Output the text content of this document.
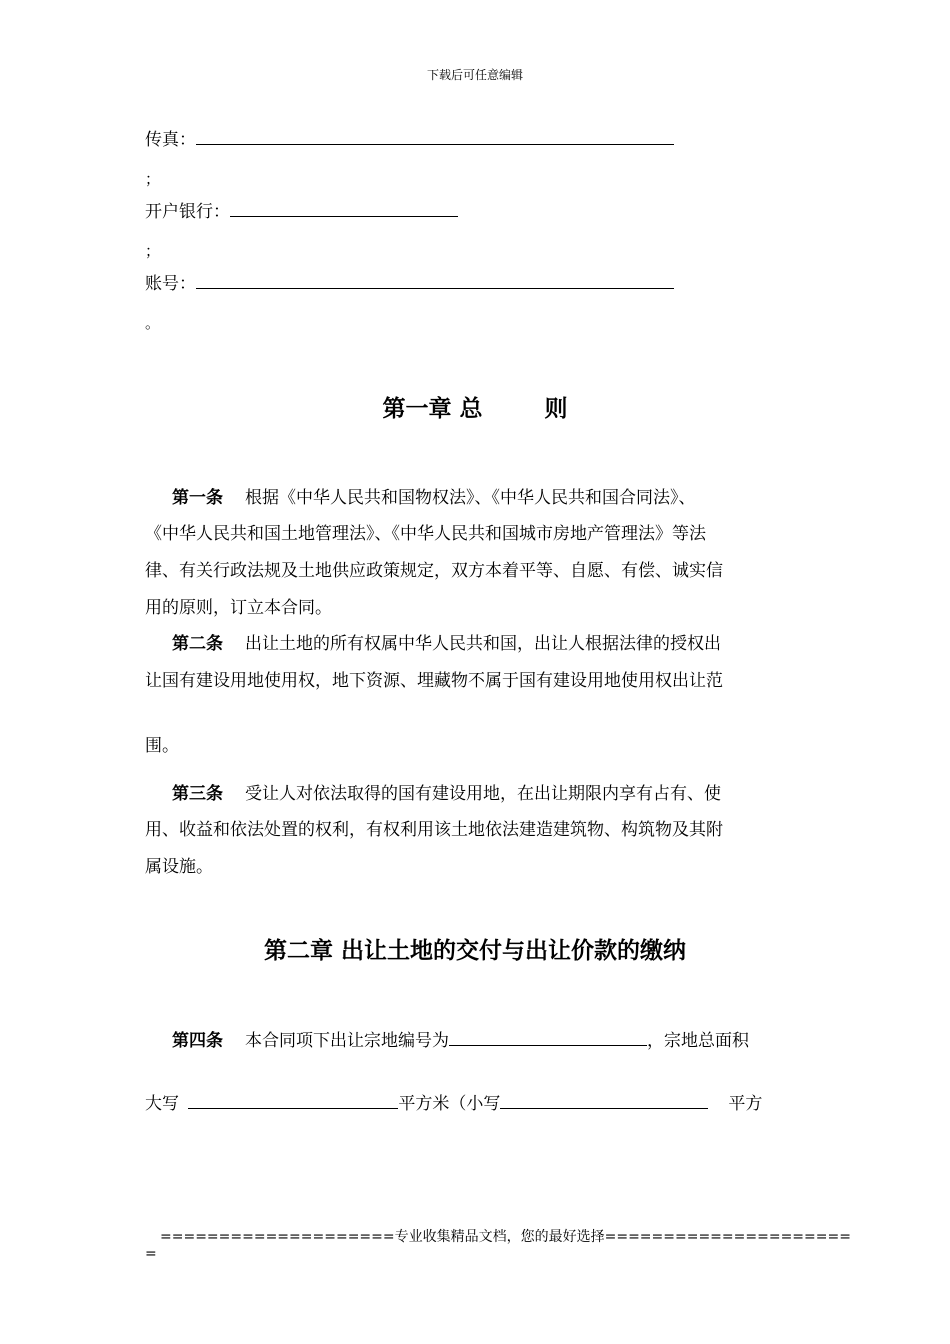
下载后可任意编辑
传真：
；
开户银行：
；
账号：
。
第一章 总	则
第一条 根据《中华人民共和国物权法》、《中华人民共和国合同法》、
《中华人民共和国土地管理法》、《中华人民共和国城市房地产管理法》等法
律、有关行政法规及土地供应政策规定，双方本着平等、自愿、有偿、诚实信
用的原则，订立本合同。
第二条 出让土地的所有权属中华人民共和国，出让人根据法律的授权出
让国有建设用地使用权，地下资源、埋藏物不属于国有建设用地使用权出让范
围。
第三条 受让人对依法取得的国有建设用地，在出让期限内享有占有、使
用、收益和依法处置的权利，有权利用该土地依法建造建筑物、构筑物及其附
属设施。
第二章 出让土地的交付与出让价款的缴纳
第四条 本合同项下出让宗地编号为	，宗地总面积
大写	平方米（小写	平方
====================专业收集精品文档，您的最好选择=====================
=
